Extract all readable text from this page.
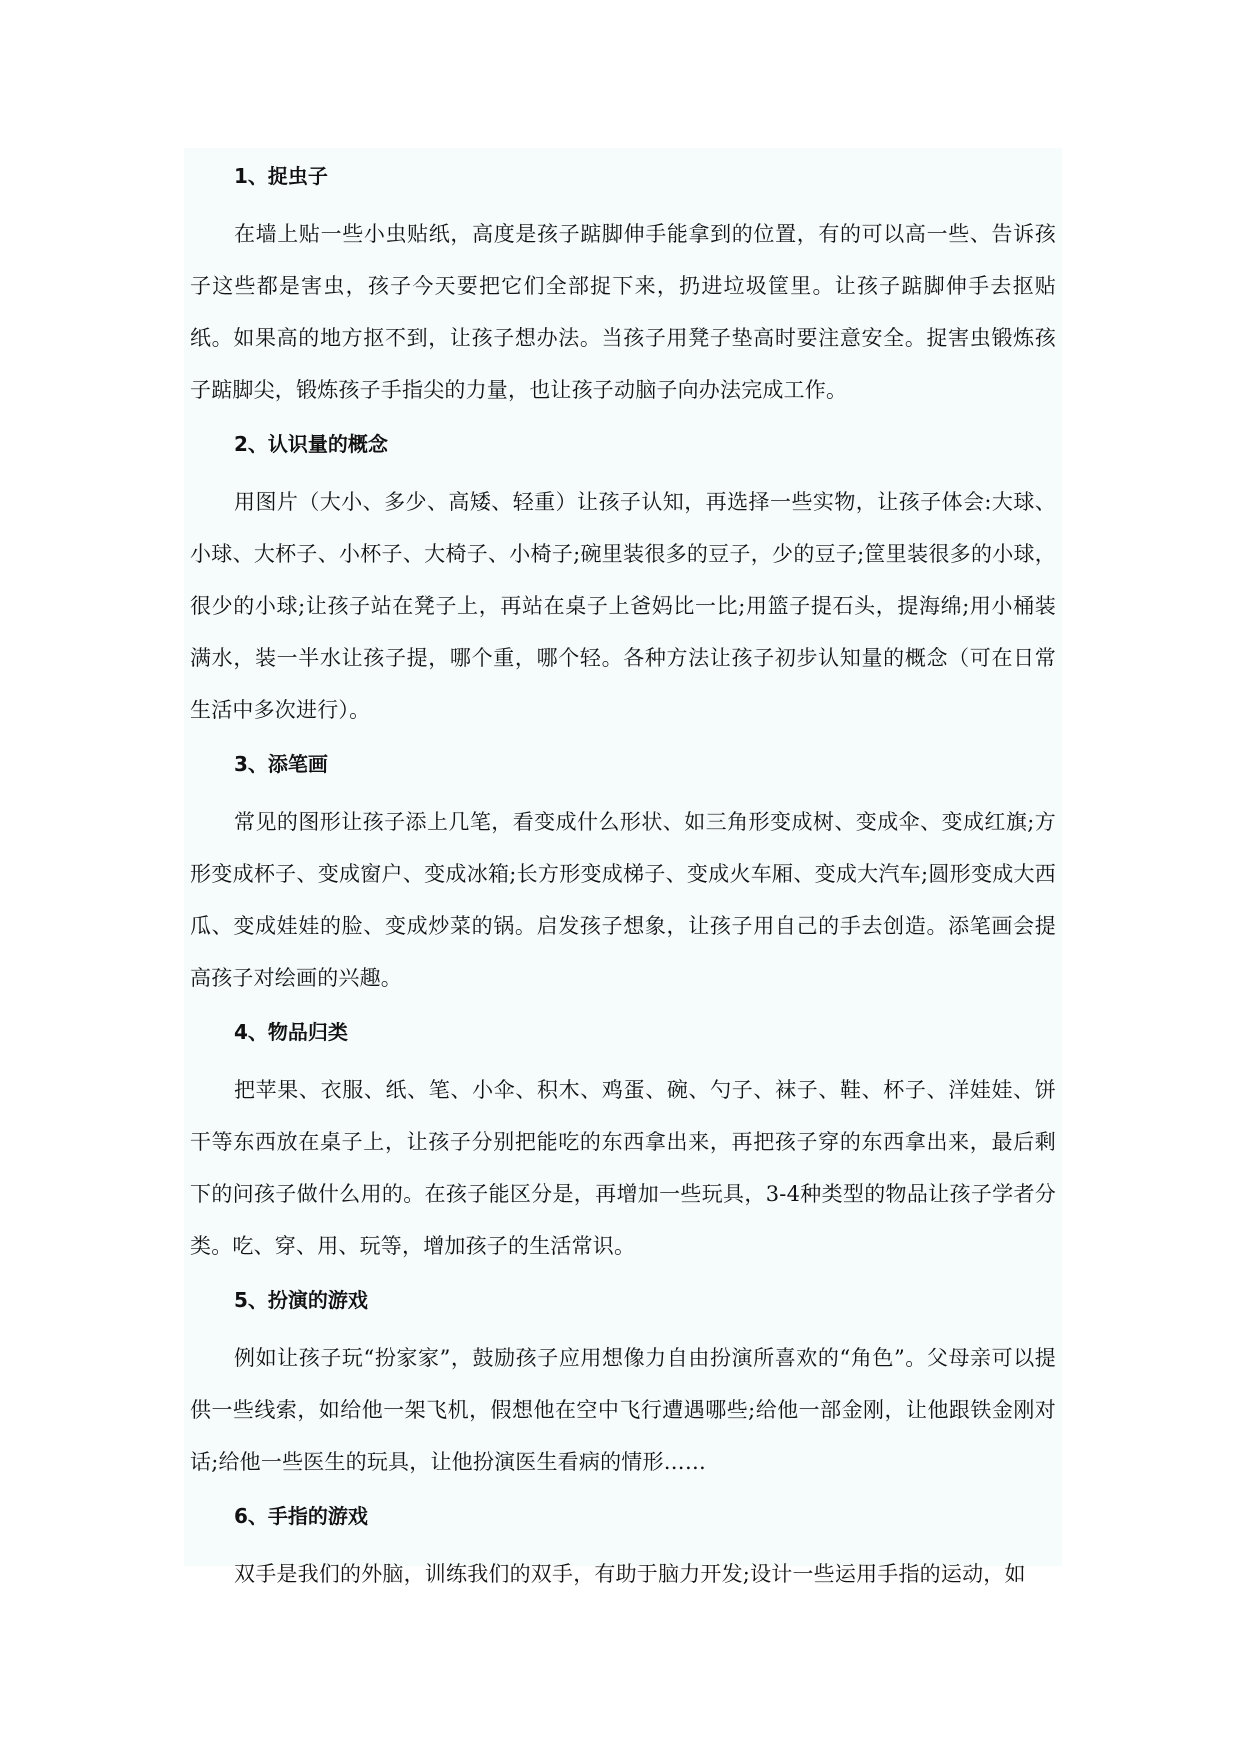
1、捉虫子

在墙上贴一些小虫贴纸，高度是孩子踮脚伸手能拿到的位置，有的可以高一些、告诉孩子这些都是害虫，孩子今天要把它们全部捉下来，扔进垃圾筐里。让孩子踮脚伸手去抠贴纸。如果高的地方抠不到，让孩子想办法。当孩子用凳子垫高时要注意安全。捉害虫锻炼孩子踮脚尖，锻炼孩子手指尖的力量，也让孩子动脑子向办法完成工作。

2、认识量的概念

用图片（大小、多少、高矮、轻重）让孩子认知，再选择一些实物，让孩子体会:大球、小球、大杯子、小杯子、大椅子、小椅子;碗里装很多的豆子，少的豆子;筐里装很多的小球，很少的小球;让孩子站在凳子上，再站在桌子上爸妈比一比;用篮子提石头，提海绵;用小桶装满水，装一半水让孩子提，哪个重，哪个轻。各种方法让孩子初步认知量的概念（可在日常生活中多次进行）。

3、添笔画

常见的图形让孩子添上几笔，看变成什么形状、如三角形变成树、变成伞、变成红旗;方形变成杯子、变成窗户、变成冰箱;长方形变成梯子、变成火车厢、变成大汽车;圆形变成大西瓜、变成娃娃的脸、变成炒菜的锅。启发孩子想象，让孩子用自己的手去创造。添笔画会提高孩子对绘画的兴趣。

4、物品归类

把苹果、衣服、纸、笔、小伞、积木、鸡蛋、碗、勺子、袜子、鞋、杯子、洋娃娃、饼干等东西放在桌子上，让孩子分别把能吃的东西拿出来，再把孩子穿的东西拿出来，最后剩下的问孩子做什么用的。在孩子能区分是，再增加一些玩具，3-4种类型的物品让孩子学者分类。吃、穿、用、玩等，增加孩子的生活常识。

5、扮演的游戏

例如让孩子玩“扮家家”，鼓励孩子应用想像力自由扮演所喜欢的“角色”。父母亲可以提供一些线索，如给他一架飞机，假想他在空中飞行遭遇哪些;给他一部金刚，让他跟铁金刚对话;给他一些医生的玩具，让他扮演医生看病的情形……

6、手指的游戏

双手是我们的外脑，训练我们的双手，有助于脑力开发;设计一些运用手指的运动，如
